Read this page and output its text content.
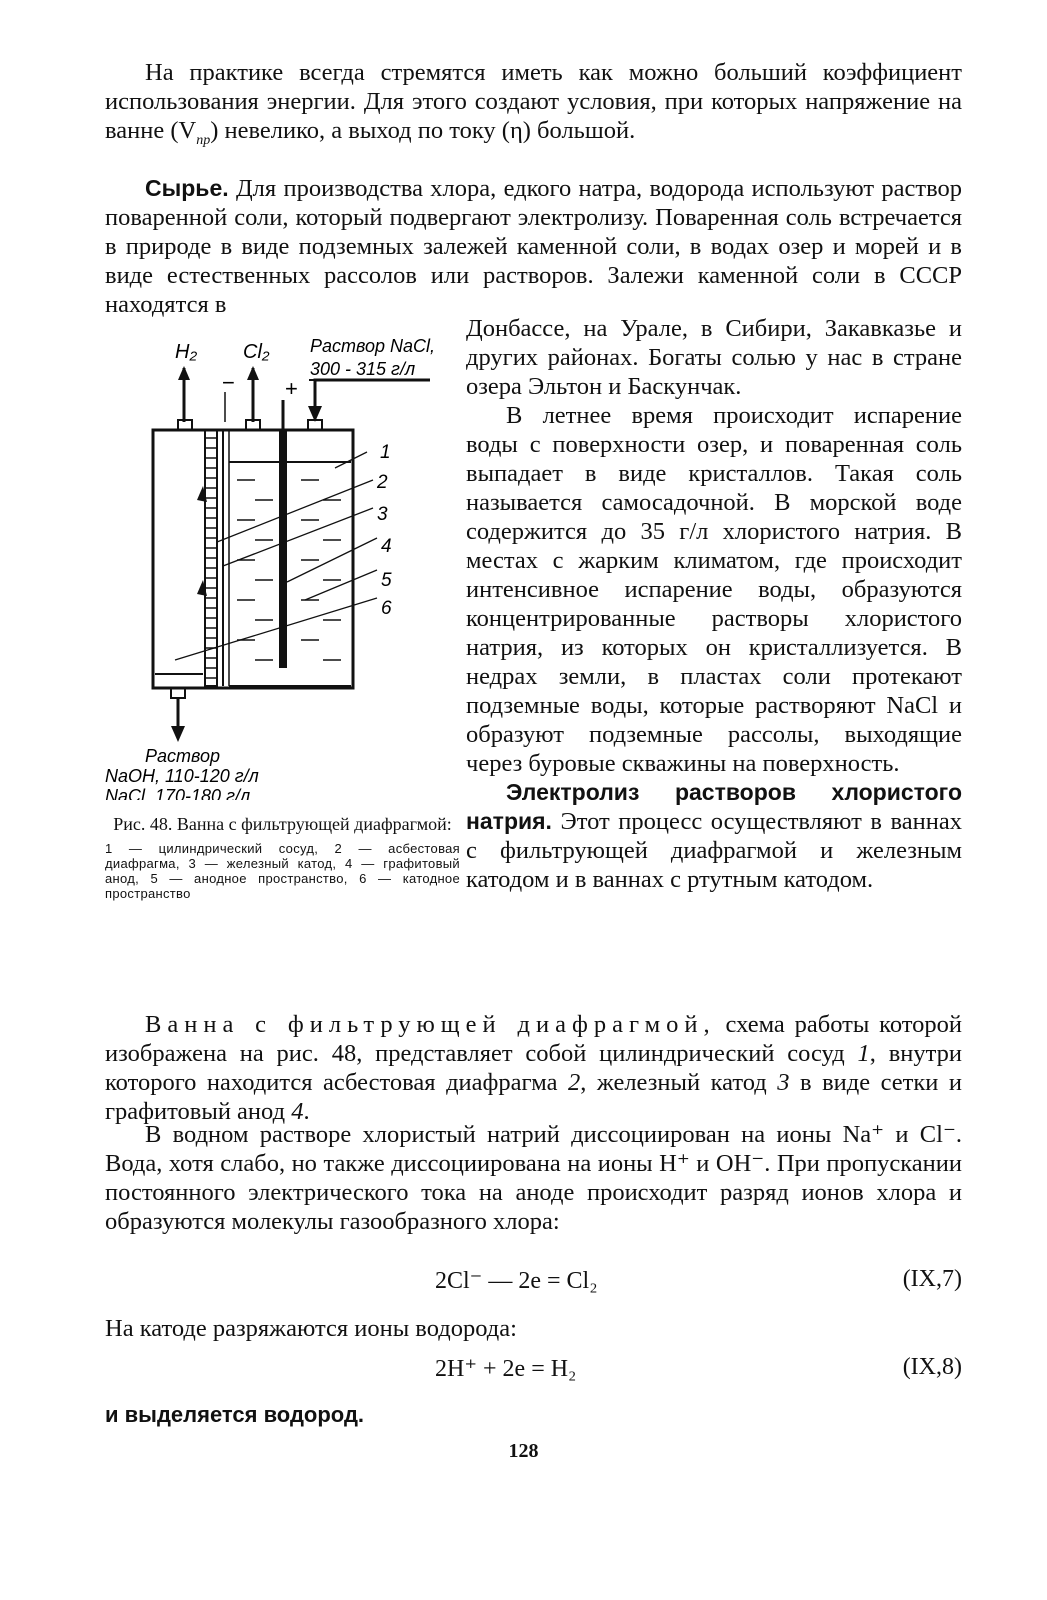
На практике всегда стремятся иметь как можно больший коэффициент использования энергии. Для этого создают условия, при которых напряжение на ванне $(V_{пр})$ невелико, а выход по току (η) большой.

Сырье. Для производства хлора, едкого натра, водорода используют раствор поваренной соли, который подвергают электролизу. Поваренная соль встречается в природе в виде подземных залежей каменной соли, в водах озер и морей и в виде естественных рассолов или растворов. Залежи каменной соли в СССР находятся в

H₂ Cl₂ Раствор NaCl,
300 - 315 г/л
− +
1
2
3
4
5
6
Раствор
NaOH, 110-120 г/л
NaCl, 170-180 г/л

Рис. 48. Ванна с фильтрующей диафрагмой:

1 — цилиндрический сосуд, 2 — асбестовая диафрагма, 3 — железный катод, 4 — графитовый анод, 5 — анодное пространство, 6 — катодное пространство

Донбассе, на Урале, в Сибири, Закавказье и других районах. Богаты солью у нас в стране озера Эльтон и Баскунчак.

В летнее время происходит испарение воды с поверхности озер, и поваренная соль выпадает в виде кристаллов. Такая соль называется самосадочной. В морской воде содержится до 35 г/л хлористого натрия. В местах с жарким климатом, где происходит интенсивное испарение воды, образуются концентрированные растворы хлористого натрия, из которых он кристаллизуется. В недрах земли, в пластах соли протекают подземные воды, которые растворяют NaCl и образуют подземные рассолы, выходящие через буровые скважины на поверхность.

Электролиз растворов хлористого натрия. Этот процесс осуществляют в ваннах с фильтрующей диафрагмой и железным катодом и в ваннах с ртутным катодом.

Ванна с фильтрующей диафрагмой, схема работы которой изображена на рис. 48, представляет собой цилиндрический сосуд 1, внутри которого находится асбестовая диафрагма 2, железный катод 3 в виде сетки и графитовый анод 4.

В водном растворе хлористый натрий диссоциирован на ионы Na⁺ и Cl⁻. Вода, хотя слабо, но также диссоциирована на ионы H⁺ и OH⁻. При пропускании постоянного электрического тока на аноде происходит разряд ионов хлора и образуются молекулы газообразного хлора:

2Cl⁻ — 2e = Cl₂	(IX,7)

На катоде разряжаются ионы водорода:

2H⁺ + 2e = H₂	(IX,8)

и выделяется водород.

128
